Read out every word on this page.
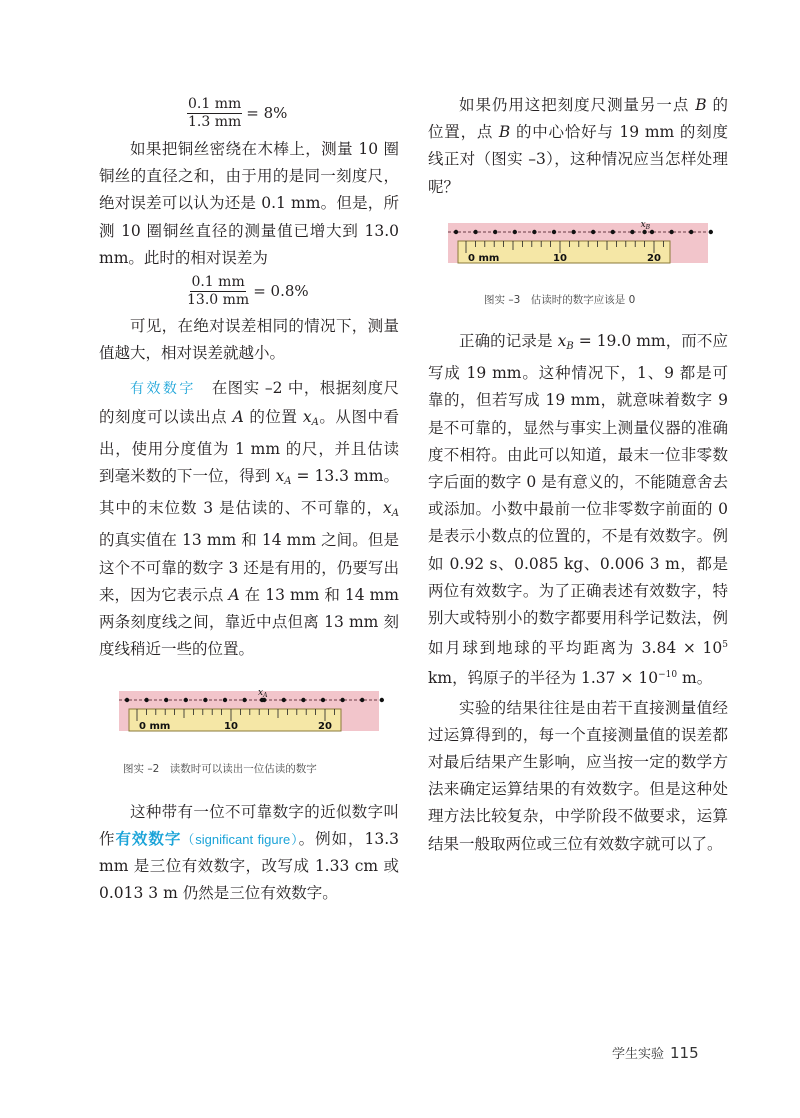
$\frac{0.1 mm}{1.3 mm} = 8\%$

如果把铜丝密绕在木棒上，测量 10 圈铜丝的直径之和，由于用的是同一刻度尺，绝对误差可以认为还是 0.1 mm。但是，所测 10 圈铜丝直径的测量值已增大到 13.0 mm。此时的相对误差为

$\frac{0.1 mm}{13.0 mm} = 0.8\%$

可见，在绝对误差相同的情况下，测量值越大，相对误差就越小。

有效数字　 在图实 –2 中，根据刻度尺的刻度可以读出点 A 的位置 $x_A$。从图中看出，使用分度值为 1 mm 的尺，并且估读到毫米数的下一位，得到 $x_A = 13.3$ mm。其中的末位数 3 是估读的、不可靠的，$x_A$ 的真实值在 13 mm 和 14 mm 之间。但是这个不可靠的数字 3 还是有用的，仍要写出来，因为它表示点 A 在 13 mm 和 14 mm 两条刻度线之间，靠近中点但离 13 mm 刻度线稍近一些的位置。

$x_A$
0 mm	10	20
图实 –2　读数时可以读出一位估读的数字

这种带有一位不可靠数字的近似数字叫作有效数字（significant figure）。例如，13.3 mm 是三位有效数字，改写成 1.33 cm 或 0.013 3 m 仍然是三位有效数字。

如果仍用这把刻度尺测量另一点 B 的位置，点 B 的中心恰好与 19 mm 的刻度线正对（图实 –3），这种情况应当怎样处理呢？

$x_B$
0 mm	10	20
图实 –3　估读时的数字应该是 0

正确的记录是 $x_B = 19.0$ mm，而不应写成 19 mm。这种情况下，1、9 都是可靠的，但若写成 19 mm，就意味着数字 9 是不可靠的，显然与事实上测量仪器的准确度不相符。由此可以知道，最末一位非零数字后面的数字 0 是有意义的，不能随意舍去或添加。小数中最前一位非零数字前面的 0 是表示小数点的位置的，不是有效数字。例如 0.92 s、0.085 kg、0.006 3 m，都是两位有效数字。为了正确表述有效数字，特别大或特别小的数字都要用科学记数法，例如月球到地球的平均距离为 $3.84 \times 10^5$ km，钨原子的半径为 $1.37 \times 10^{-10}$ m。

实验的结果往往是由若干直接测量值经过运算得到的，每一个直接测量值的误差都对最后结果产生影响，应当按一定的数学方法来确定运算结果的有效数字。但是这种处理方法比较复杂，中学阶段不做要求，运算结果一般取两位或三位有效数字就可以了。

学生实验 115
